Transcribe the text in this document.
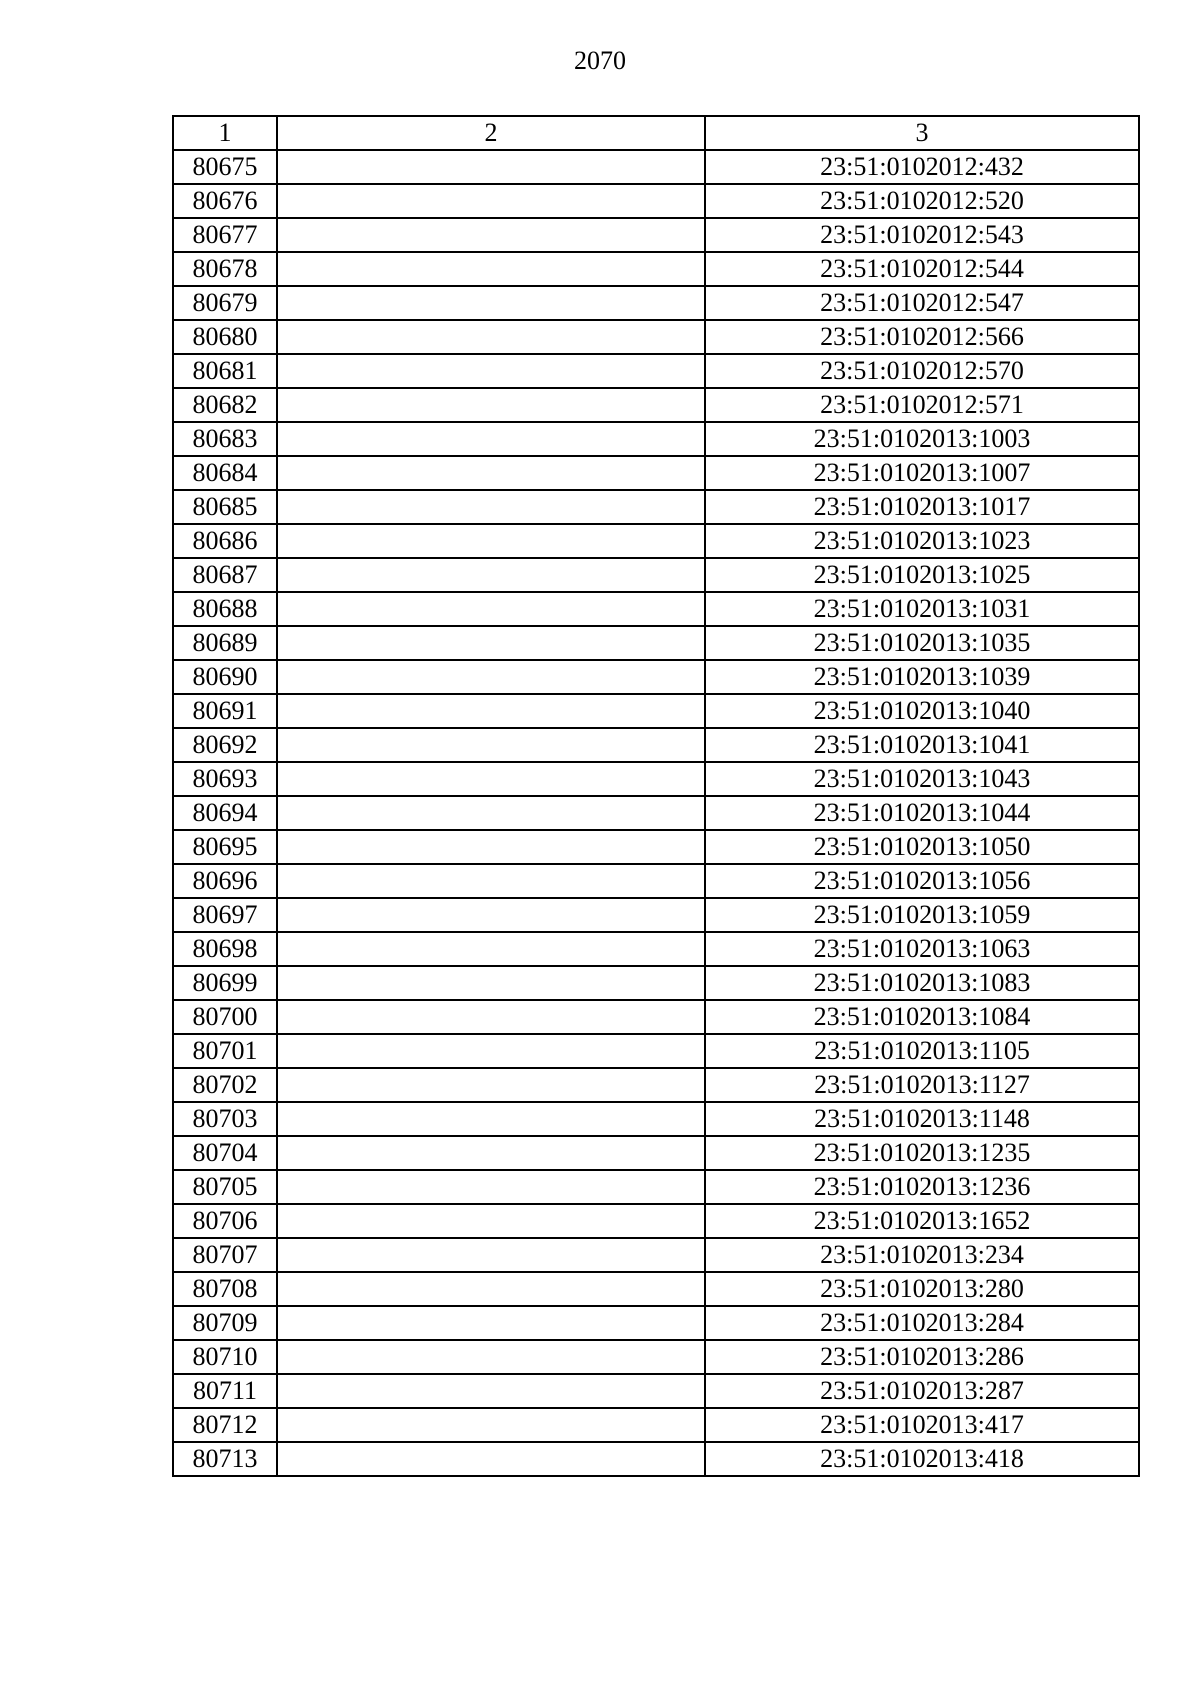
2070
1	2	3
80675		23:51:0102012:432
80676		23:51:0102012:520
80677		23:51:0102012:543
80678		23:51:0102012:544
80679		23:51:0102012:547
80680		23:51:0102012:566
80681		23:51:0102012:570
80682		23:51:0102012:571
80683		23:51:0102013:1003
80684		23:51:0102013:1007
80685		23:51:0102013:1017
80686		23:51:0102013:1023
80687		23:51:0102013:1025
80688		23:51:0102013:1031
80689		23:51:0102013:1035
80690		23:51:0102013:1039
80691		23:51:0102013:1040
80692		23:51:0102013:1041
80693		23:51:0102013:1043
80694		23:51:0102013:1044
80695		23:51:0102013:1050
80696		23:51:0102013:1056
80697		23:51:0102013:1059
80698		23:51:0102013:1063
80699		23:51:0102013:1083
80700		23:51:0102013:1084
80701		23:51:0102013:1105
80702		23:51:0102013:1127
80703		23:51:0102013:1148
80704		23:51:0102013:1235
80705		23:51:0102013:1236
80706		23:51:0102013:1652
80707		23:51:0102013:234
80708		23:51:0102013:280
80709		23:51:0102013:284
80710		23:51:0102013:286
80711		23:51:0102013:287
80712		23:51:0102013:417
80713		23:51:0102013:418
